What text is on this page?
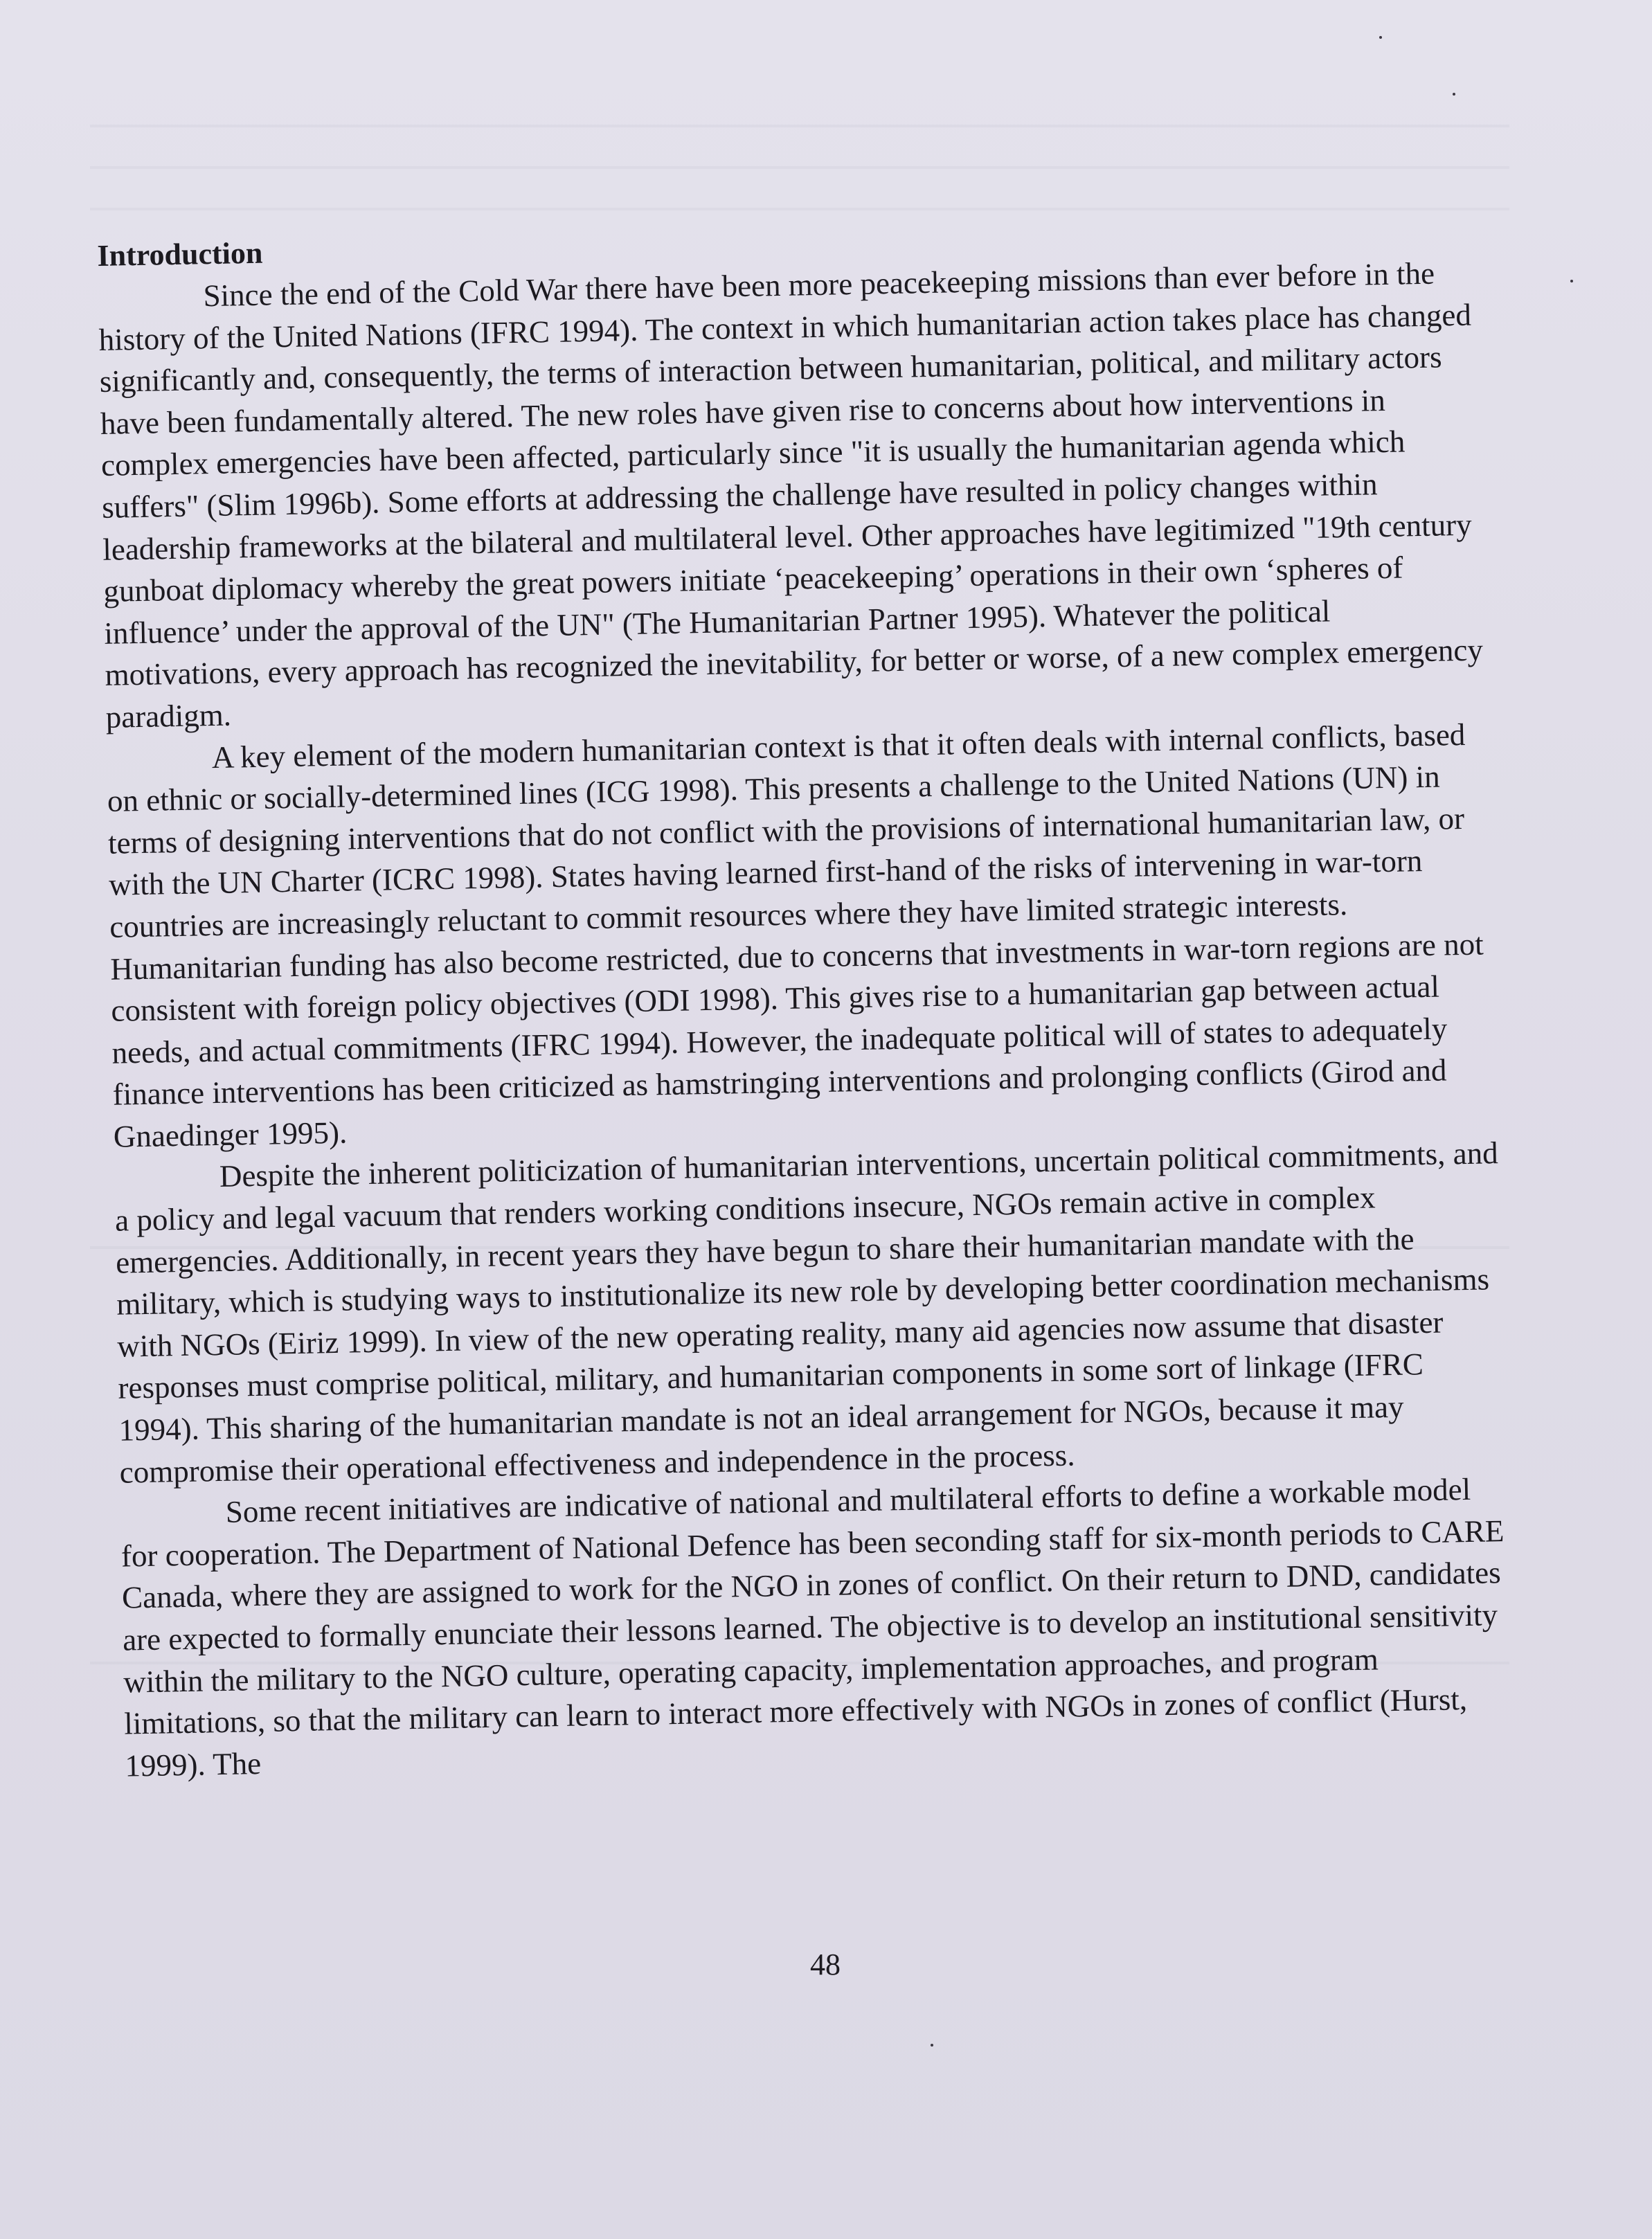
Introduction

Since the end of the Cold War there have been more peacekeeping missions than ever before in the history of the United Nations (IFRC 1994). The context in which humanitarian action takes place has changed significantly and, consequently, the terms of interaction between humanitarian, political, and military actors have been fundamentally altered. The new roles have given rise to concerns about how interventions in complex emergencies have been affected, particularly since "it is usually the humanitarian agenda which suffers" (Slim 1996b). Some efforts at addressing the challenge have resulted in policy changes within leadership frameworks at the bilateral and multilateral level. Other approaches have legitimized "19th century gunboat diplomacy whereby the great powers initiate ‘peacekeeping’ operations in their own ‘spheres of influence’ under the approval of the UN" (The Humanitarian Partner 1995). Whatever the political motivations, every approach has recognized the inevitability, for better or worse, of a new complex emergency paradigm.

A key element of the modern humanitarian context is that it often deals with internal conflicts, based on ethnic or socially-determined lines (ICG 1998). This presents a challenge to the United Nations (UN) in terms of designing interventions that do not conflict with the provisions of international humanitarian law, or with the UN Charter (ICRC 1998). States having learned first-hand of the risks of intervening in war-torn countries are increasingly reluctant to commit resources where they have limited strategic interests. Humanitarian funding has also become restricted, due to concerns that investments in war-torn regions are not consistent with foreign policy objectives (ODI 1998). This gives rise to a humanitarian gap between actual needs, and actual commitments (IFRC 1994). However, the inadequate political will of states to adequately finance interventions has been criticized as hamstringing interventions and prolonging conflicts (Girod and Gnaedinger 1995).

Despite the inherent politicization of humanitarian interventions, uncertain political commitments, and a policy and legal vacuum that renders working conditions insecure, NGOs remain active in complex emergencies. Additionally, in recent years they have begun to share their humanitarian mandate with the military, which is studying ways to institutionalize its new role by developing better coordination mechanisms with NGOs (Eiriz 1999). In view of the new operating reality, many aid agencies now assume that disaster responses must comprise political, military, and humanitarian components in some sort of linkage (IFRC 1994). This sharing of the humanitarian mandate is not an ideal arrangement for NGOs, because it may compromise their operational effectiveness and independence in the process.

Some recent initiatives are indicative of national and multilateral efforts to define a workable model for cooperation. The Department of National Defence has been seconding staff for six-month periods to CARE Canada, where they are assigned to work for the NGO in zones of conflict. On their return to DND, candidates are expected to formally enunciate their lessons learned. The objective is to develop an institutional sensitivity within the military to the NGO culture, operating capacity, implementation approaches, and program limitations, so that the military can learn to interact more effectively with NGOs in zones of conflict (Hurst, 1999). The

48
